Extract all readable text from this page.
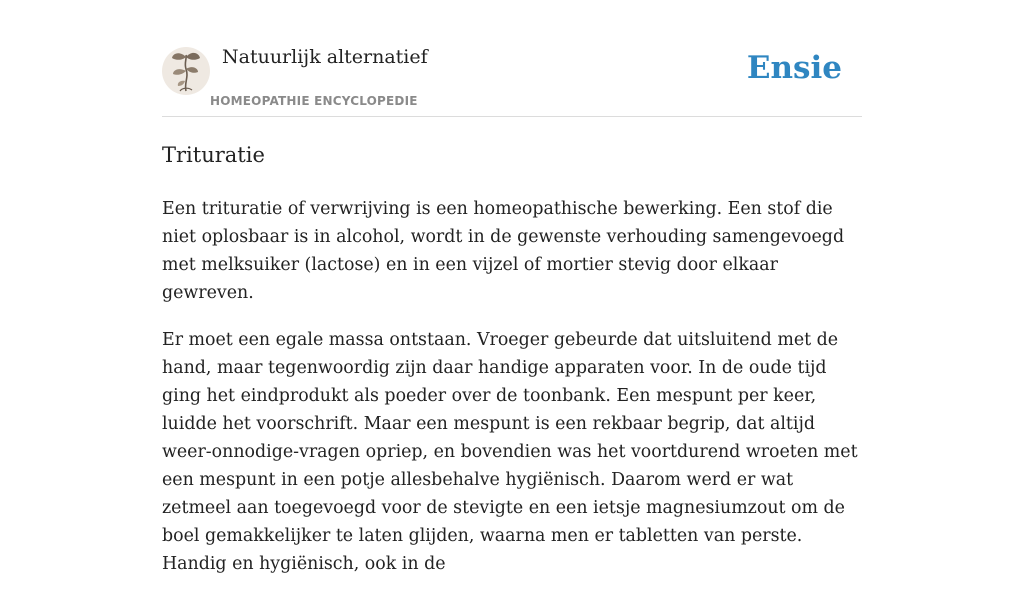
Natuurlijk alternatief
HOMEOPATHIE ENCYCLOPEDIE
Ensie
Trituratie

Een trituratie of verwrijving is een homeopathische bewerking. Een stof die niet oplosbaar is in alcohol, wordt in de gewenste verhouding samengevoegd met melksuiker (lactose) en in een vijzel of mortier stevig door elkaar gewreven.

Er moet een egale massa ontstaan. Vroeger gebeurde dat uitsluitend met de hand, maar tegenwoordig zijn daar handige apparaten voor. In de oude tijd ging het eindprodukt als poeder over de toonbank. Een mespunt per keer, luidde het voorschrift. Maar een mespunt is een rekbaar begrip, dat altijd weer-onnodige-vragen opriep, en bovendien was het voortdurend wroeten met een mespunt in een potje allesbehalve hygiënisch. Daarom werd er wat zetmeel aan toegevoegd voor de stevigte en een ietsje magnesiumzout om de boel gemakkelijker te laten glijden, waarna men er tabletten van perste. Handig en hygiënisch, ook in de
